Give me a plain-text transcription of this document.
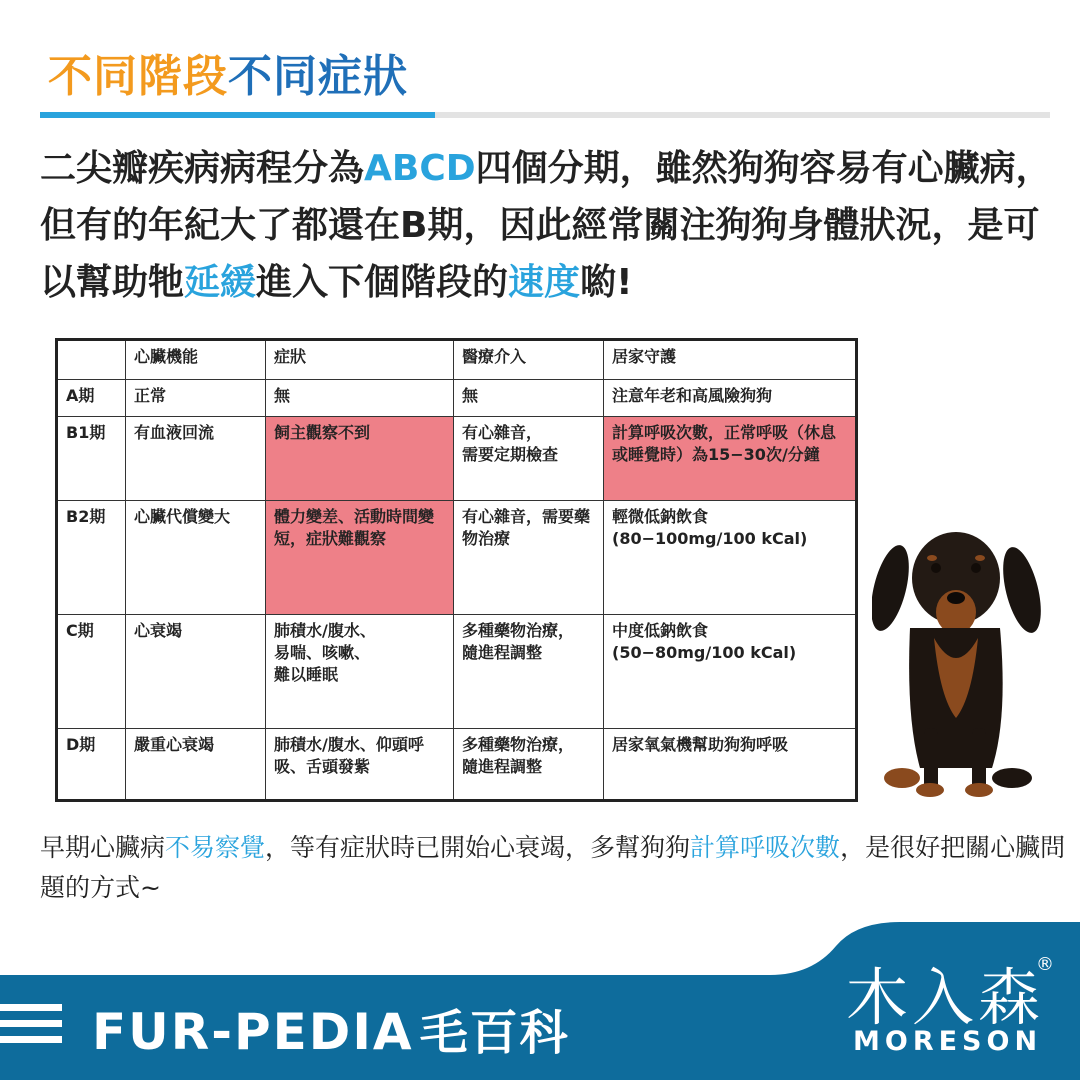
不同階段不同症狀

二尖瓣疾病病程分為ABCD四個分期，雖然狗狗容易有心臟病，但有的年紀大了都還在B期，因此經常關注狗狗身體狀況，是可以幫助牠延緩進入下個階段的速度喲!

	心臟機能	症狀	醫療介入	居家守護
A期	正常	無	無	注意年老和高風險狗狗
B1期	有血液回流	飼主觀察不到	有心雜音，
需要定期檢查	計算呼吸次數，正常呼吸（休息或睡覺時）為15−30次/分鐘
B2期	心臟代償變大	體力變差、活動時間變短，症狀難觀察	有心雜音，需要藥物治療	輕微低鈉飲食
(80−100mg/100 kCal)
C期	心衰竭	肺積水/腹水、
易喘、咳嗽、
難以睡眠	多種藥物治療，
隨進程調整	中度低鈉飲食
(50−80mg/100 kCal)
D期	嚴重心衰竭	肺積水/腹水、仰頭呼吸、舌頭發紫	多種藥物治療，
隨進程調整	居家氧氣機幫助狗狗呼吸

早期心臟病不易察覺，等有症狀時已開始心衰竭，多幫狗狗計算呼吸次數，是很好把關心臟問題的方式~

FUR-PEDIA 毛百科	木入森
®
MORESON
